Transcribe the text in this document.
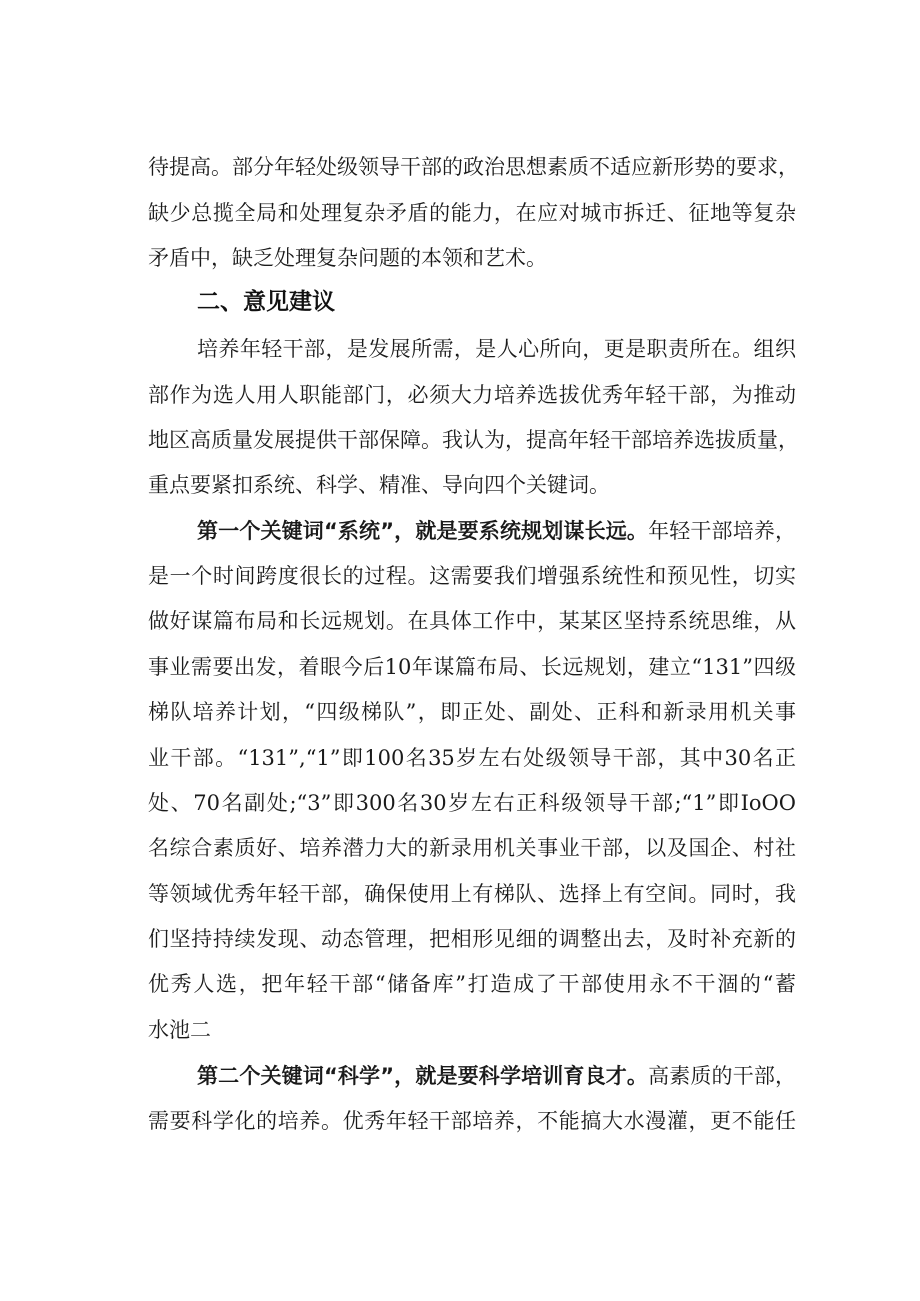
待提高。部分年轻处级领导干部的政治思想素质不适应新形势的要求，
缺少总揽全局和处理复杂矛盾的能力，在应对城市拆迁、征地等复杂
矛盾中，缺乏处理复杂问题的本领和艺术。
二、意见建议
培养年轻干部，是发展所需，是人心所向，更是职责所在。组织
部作为选人用人职能部门，必须大力培养选拔优秀年轻干部，为推动
地区高质量发展提供干部保障。我认为，提高年轻干部培养选拔质量，
重点要紧扣系统、科学、精准、导向四个关键词。
第一个关键词“系统”，就是要系统规划谋长远。年轻干部培养，
是一个时间跨度很长的过程。这需要我们增强系统性和预见性，切实
做好谋篇布局和长远规划。在具体工作中，某某区坚持系统思维，从
事业需要出发，着眼今后10年谋篇布局、长远规划，建立“131”四级
梯队培养计划，“四级梯队”，即正处、副处、正科和新录用机关事
业干部。“131”,“1”即100名35岁左右处级领导干部，其中30名正
处、70名副处;“3”即300名30岁左右正科级领导干部;“1”即IoOO
名综合素质好、培养潜力大的新录用机关事业干部，以及国企、村社
等领域优秀年轻干部，确保使用上有梯队、选择上有空间。同时，我
们坚持持续发现、动态管理，把相形见细的调整出去，及时补充新的
优秀人选，把年轻干部“储备库”打造成了干部使用永不干涸的“蓄
水池二
第二个关键词“科学”，就是要科学培训育良才。高素质的干部，
需要科学化的培养。优秀年轻干部培养，不能搞大水漫灌，更不能任
